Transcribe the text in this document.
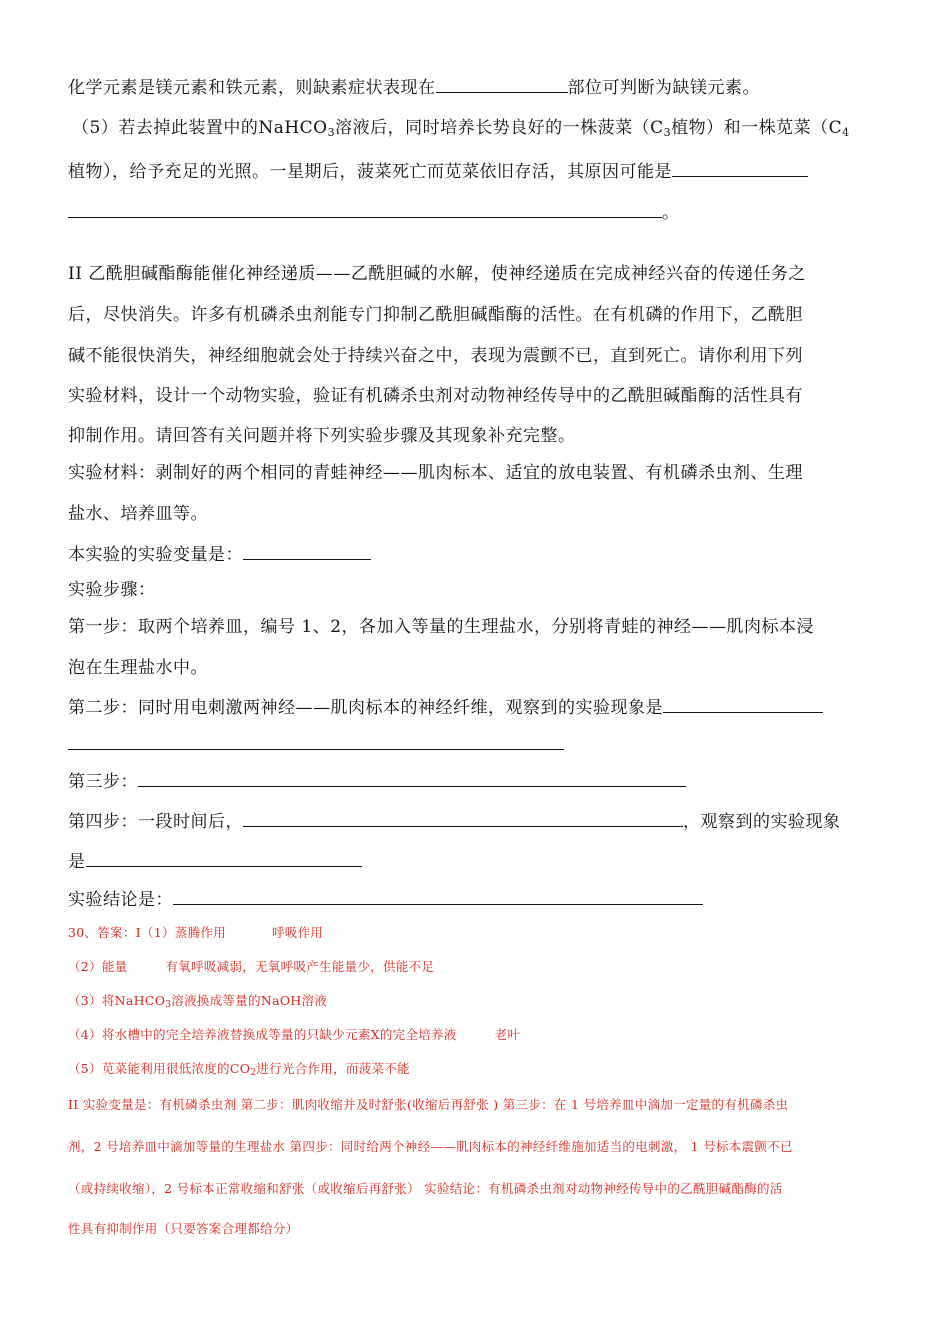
化学元素是镁元素和铁元素，则缺素症状表现在	部位可判断为缺镁元素。
（5）若去掉此装置中的NaHCO$_3$溶液后，同时培养长势良好的一株菠菜（$C_3$植物）和一株苋菜（$C_4$
植物），给予充足的光照。一星期后，菠菜死亡而苋菜依旧存活，其原因可能是
。
II 乙酰胆碱酯酶能催化神经递质——乙酰胆碱的水解，使神经递质在完成神经兴奋的传递任务之
后，尽快消失。许多有机磷杀虫剂能专门抑制乙酰胆碱酯酶的活性。在有机磷的作用下，乙酰胆
碱不能很快消失，神经细胞就会处于持续兴奋之中，表现为震颤不已，直到死亡。请你利用下列
实验材料，设计一个动物实验，验证有机磷杀虫剂对动物神经传导中的乙酰胆碱酯酶的活性具有
抑制作用。请回答有关问题并将下列实验步骤及其现象补充完整。
实验材料：剥制好的两个相同的青蛙神经——肌肉标本、适宜的放电装置、有机磷杀虫剂、生理
盐水、培养皿等。
本实验的实验变量是：
实验步骤：
第一步：取两个培养皿，编号 1、2，各加入等量的生理盐水，分别将青蛙的神经——肌肉标本浸
泡在生理盐水中。
第二步：同时用电刺激两神经——肌肉标本的神经纤维，观察到的实验现象是
第三步：
第四步：一段时间后，	，观察到的实验现象
是
实验结论是：
30、答案：I（1）蒸腾作用	呼吸作用
（2）能量	有氧呼吸减弱，无氧呼吸产生能量少，供能不足
（3）将NaHCO$_3$溶液换成等量的NaOH溶液
（4）将水槽中的完全培养液替换成等量的只缺少元素X的完全培养液	老叶
（5）苋菜能利用很低浓度的$CO_2$进行光合作用，而菠菜不能
II 实验变量是：有机磷杀虫剂 第二步：肌肉收缩并及时舒张(收缩后再舒张 ) 第三步：在 1 号培养皿中滴加一定量的有机磷杀虫
剂，2 号培养皿中滴加等量的生理盐水 第四步：同时给两个神经——肌肉标本的神经纤维施加适当的电刺激， 1 号标本震颤不已
（或持续收缩），2 号标本正常收缩和舒张（或收缩后再舒张） 实验结论：有机磷杀虫剂对动物神经传导中的乙酰胆碱酯酶的活
性具有抑制作用（只要答案合理都给分）
